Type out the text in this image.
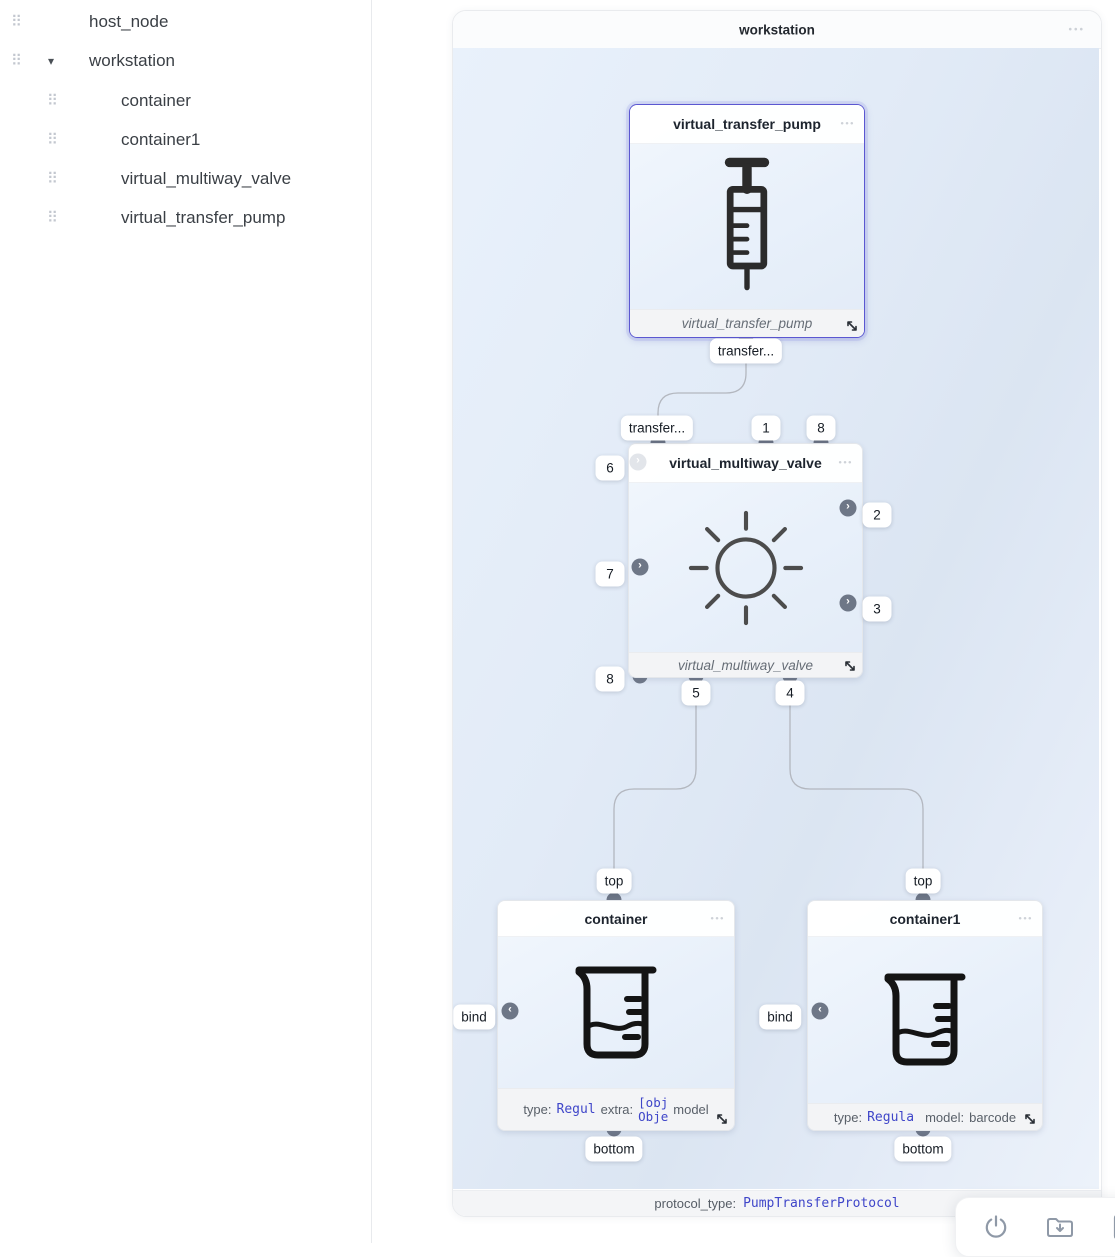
⠿	host_node
⠿ ▾ workstation
⠿	container
⠿	container1
⠿	virtual_multiway_valve
⠿	virtual_transfer_pump
workstation	•••
virtual_transfer_pump	•••
virtual_transfer_pump
virtual_multiway_valve	•••
virtual_multiway_valve
container	•••
type: Regul extra: [obj
Obje model
container1	•••
type: Regula model: barcode
›
›
›
›
‹	‹
transfer...
transfer...	1	8
6
7
8
2
3
5	4
top
bind
bottom
top
bind
bottom
protocol_type: PumpTransferProtocol
